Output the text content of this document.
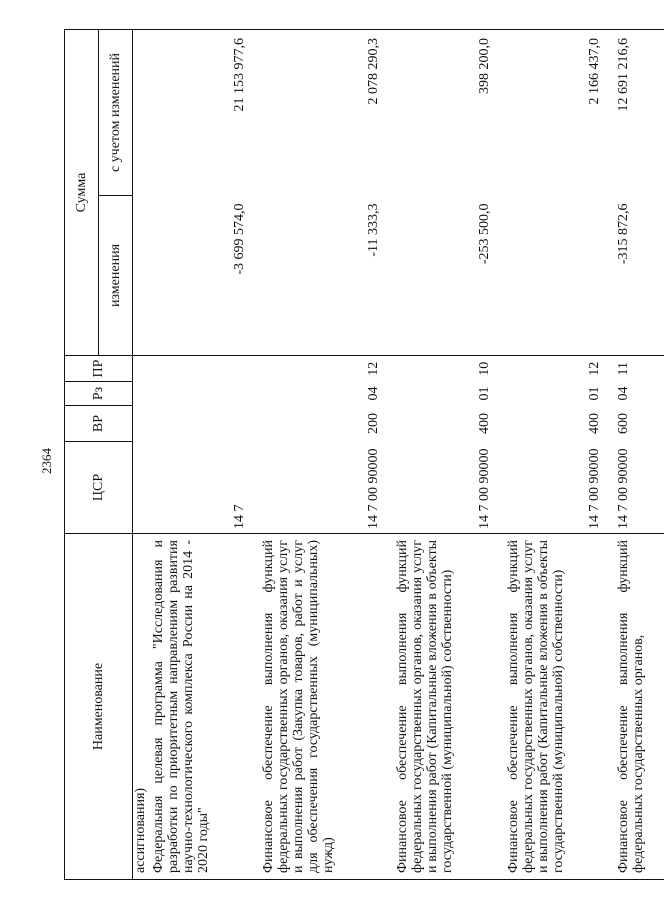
2364
Наименование	ЦСР	ВР	Рз	ПР	Сумма	
					изменения	с учетом изменений
ассигнования)						
Федеральная целевая программа "Исследования и разработки по приоритетным направлениям развития научно-технологического комплекса России на 2014 - 2020 годы"	14 7				-3 699 574,0	21 153 977,6

Финансовое обеспечение выполнения функций федеральных государственных органов, оказания услуг и выполнения работ (Закупка товаров, работ и услуг для обеспечения государственных (муниципальных) нужд)	14 7 00 90000	200	04	12	-11 333,3	2 078 290,3

Финансовое обеспечение выполнения функций федеральных государственных органов, оказания услуг и выполнения работ (Капитальные вложения в объекты государственной (муниципальной) собственности)	14 7 00 90000	400	01	10	-253 500,0	398 200,0

Финансовое обеспечение выполнения функций федеральных государственных органов, оказания услуг и выполнения работ (Капитальные вложения в объекты государственной (муниципальной) собственности)	14 7 00 90000	400	01	12		2 166 437,0

Финансовое обеспечение выполнения функций федеральных государственных органов,	14 7 00 90000	600	04	11	-315 872,6	12 691 216,6
